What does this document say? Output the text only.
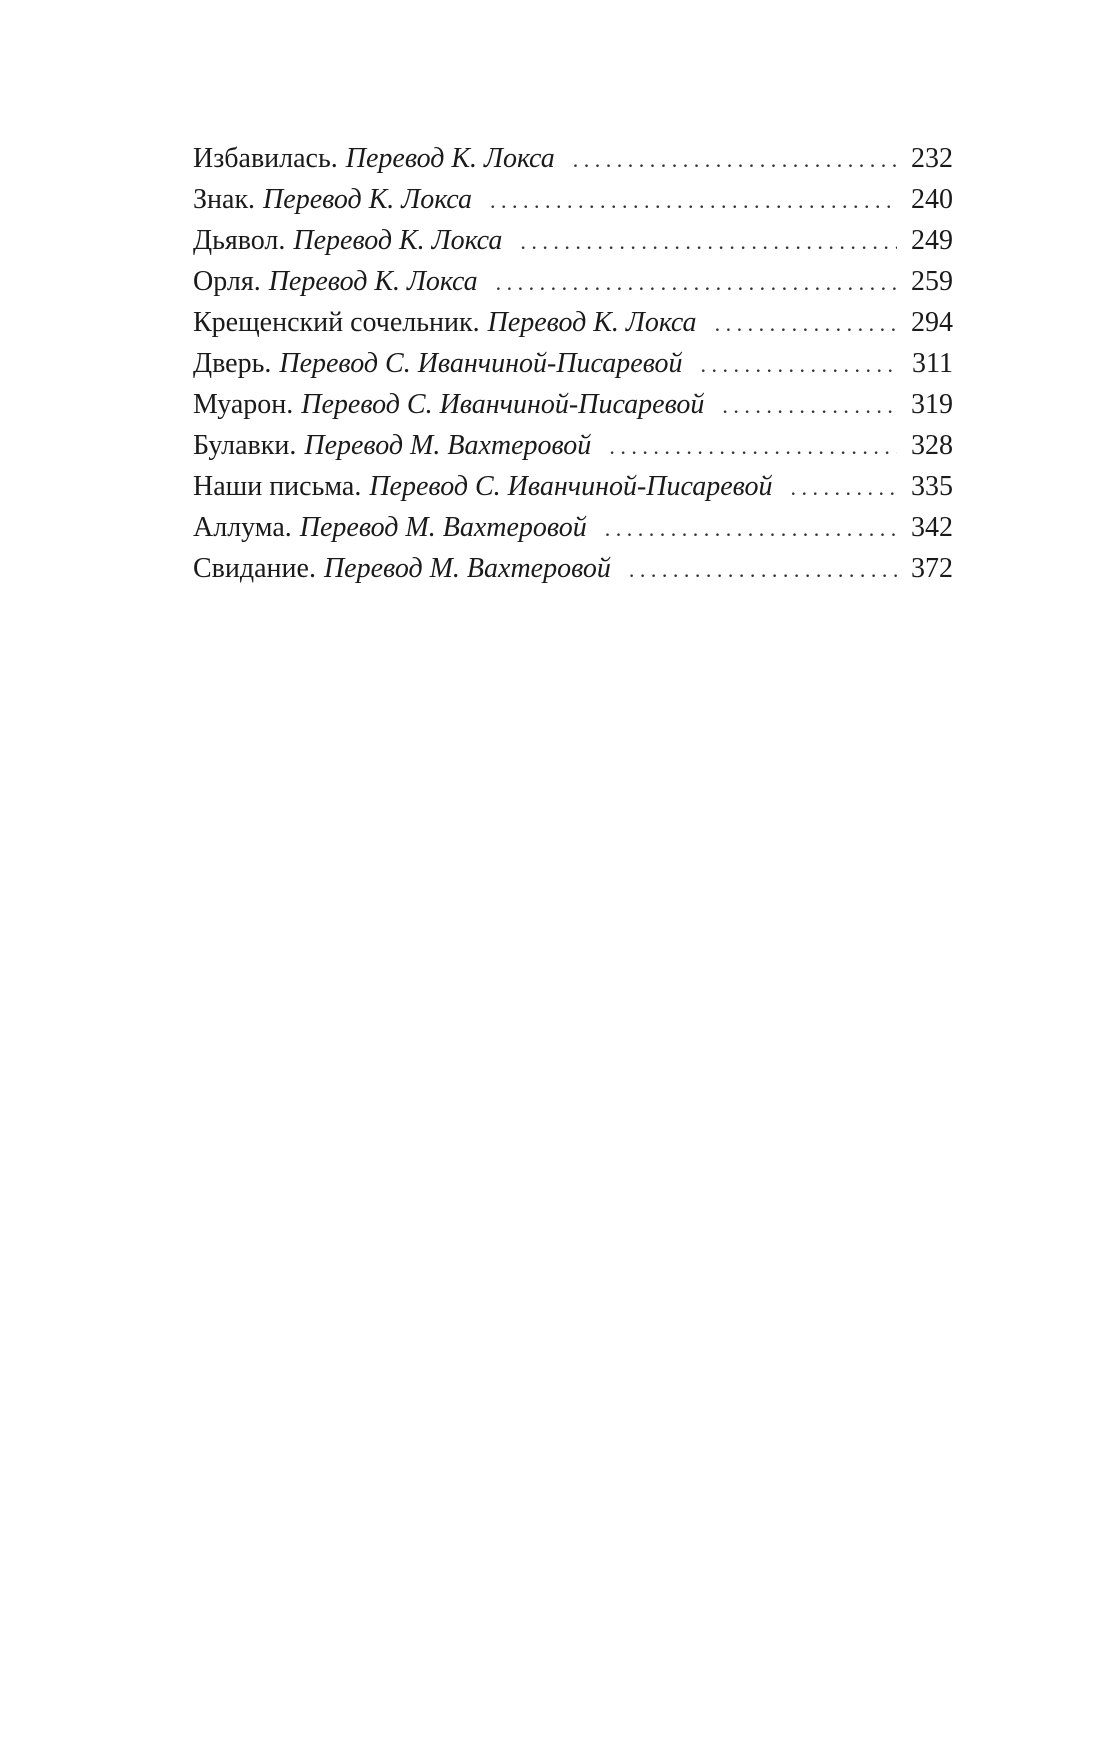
Избавилась. Перевод К. Локса . . .	232
Знак. Перевод К. Локса . . .	240
Дьявол. Перевод К. Локса . . .	249
Орля. Перевод К. Локса . . .	259
Крещенский сочельник. Перевод К. Локса . . .	294
Дверь. Перевод С. Иванчиной-Писаревой . . .	311
Муарон. Перевод С. Иванчиной-Писаревой . . .	319
Булавки. Перевод М. Вахтеровой . . .	328
Наши письма. Перевод С. Иванчиной-Писаревой . . .	335
Аллума. Перевод М. Вахтеровой . . .	342
Свидание. Перевод М. Вахтеровой . . .	372
